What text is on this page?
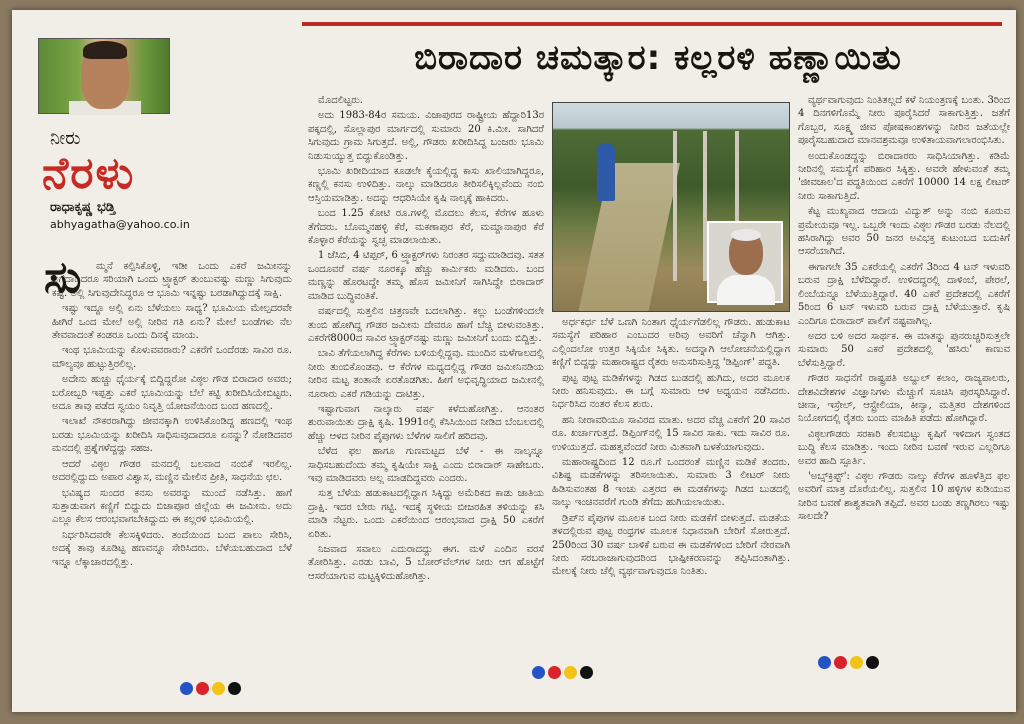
ನೀರು
ನೆರಳು
ರಾಧಾಕೃಷ್ಣ ಭಡ್ತಿ
abhyagatha@yahoo.co.in
ಸು	ಮ್ಮನೆ ಕಲ್ಪಿಸಿಕೊಳ್ಳಿ, ಇಡೀ ಒಂದು ಎಕರೆ ಜಮೀನನ್ನು ಅಗೆದಾಡಿದರೂ ಸರಿಯಾಗಿ ಒಂದು ಟ್ರ್ಯಾಕ್ಟರ್ ತುಂಬುವಷ್ಟು ಮಣ್ಣು ಸಿಗುವುದು ಕಷ್ಟ. ಅಲ್ಲಿ ಸಿಗುವುದೇನಿದ್ದರೂ ಆ ಭೂಮಿ ಇನ್ನಷ್ಟು ಬರಡಾಗಿದ್ದುದಕ್ಕೆ ಸಾಕ್ಷಿ.

ಇಷ್ಟು ಇದ್ದೂ ಅಲ್ಲಿ ಏನು ಬೆಳೆಯಲು ಸಾಧ್ಯ? ಭೂಮಿಯ ಮೇಲ್ಪದರವೇ ಹೀಗಿರೆ ಒಂದ ಮೇಲೆ ಅಲ್ಲಿ ನೀರಿನ ಗತಿ ಏನು? ಮೇಲೆ ಬಂಡೆಗಳು ನೆಲ ತೇವವಾದಂತೆ ಕಂಡರೂ ಒಂದು ದಿನಕ್ಕೆ ಮಾಯ.

ಇಂಥ ಭೂಮಿಯನ್ನು ಕೊಳುವವರಾರು? ಎಕರೆಗೆ ಒಂದೆರಡು ಸಾವಿರ ರೂ. ಮೌಲ್ಯವೂ ಹುಟ್ಟುತ್ತಿರಲಿಲ್ಲ.

ಅದೇನು ಹುಚ್ಚು ಧೈರ್ಯಕ್ಕೆ ಬಿದ್ದಿದ್ದರೋ ವಿಠ್ಠಲ ಗೌಡ ಬಿರಾದಾರ ಅವರು; ಬರೋಬ್ಬರಿ ಇಪ್ಪತ್ತು ಎಕರೆ ಭೂಮಿಯನ್ನು ಬೆಲೆ ಕಟ್ಟಿ ಖರೀದಿಸಿಯೇಬಿಟ್ಟರು. ಅದೂ ತಾವು ಪಡೆದ ಸ್ವಯಂ ನಿವೃತ್ತಿ ಯೋಜನೆಯಿಂದ ಬಂದ ಹಣದಲ್ಲಿ.

ಇಲಾಖೆ ನೌಕರರಾಗಿದ್ದು ಜೀವನಕ್ಕಾಗಿ ಉಳಿಸಿಕೊಂಡಿದ್ದ ಹಣದಲ್ಲಿ ಇಂಥ ಬರಡು ಭೂಮಿಯನ್ನು ಖರೀದಿಸಿ ಸಾಧಿಸುವುದಾದರೂ ಏನನ್ನು? ನೋಡಿದವರ ಮನದಲ್ಲಿ ಪ್ರಶ್ನೆಗಳೆದ್ದದ್ದು ಸಹಜ.

ಆದರೆ ವಿಠ್ಠಲ ಗೌಡರ ಮನದಲ್ಲಿ ಬಲವಾದ ನಂಬಿಕೆ ಇರಲಿಲ್ಲ. ಅದರಲ್ಲಿದ್ದುದು ಅಪಾರ ವಿಶ್ವಾಸ, ಮಣ್ಣಿನ ಮೇಲಿನ ಪ್ರೀತಿ, ಸಾಧನೆಯ ಛಲ.

ಭವಿಷ್ಯದ ಸುಂದರ ಕನಸು ಅವರನ್ನು ಮುಂದೆ ನಡೆಸಿತ್ತು. ಹಾಗೆ ಸುತ್ತಾಡುವಾಗ ಕಣ್ಣಿಗೆ ಬಿದ್ದುದು ಬಿಜಾಪೂರ ಜಿಲ್ಲೆಯ ಈ ಜಮೀನು. ಅದು ಎಲ್ಲೂ ಕೆಲಸ ಆರಂಭವಾಗಬೇಕಿದ್ದುದು ಈ ಕಲ್ಲರಳಿ ಭೂಮಿಯಲ್ಲಿ.

ನಿರ್ಧರಿಸಿದವರೇ ಕೆಲಸಕ್ಕಿಳಿದರು. ತಂದೆಯಿಂದ ಬಂದ ಪಾಲು ಸೇರಿಸಿ, ಅದಕ್ಕೆ ತಾವು ಕೂಡಿಟ್ಟ ಹಣವನ್ನೂ ಸೇರಿಸಿದರು. ಬೆಳೆಯಬಹುದಾದ ಬೆಳೆ ಇನ್ನೂ ಲೆಕ್ಕಾಚಾರದಲ್ಲಿತ್ತು.

ಬಿರಾದಾರ ಚಮತ್ಕಾರ: ಕಲ್ಲರಳಿ ಹಣ್ಣಾಯಿತು

ಮೊದಲಿಟ್ಟರು.

ಅದು 1983-84ರ ಸಮಯ. ವಿಜಾಪುರದ ರಾಷ್ಟ್ರೀಯ ಹೆದ್ದಾರಿ13ರ ಪಕ್ಕದಲ್ಲಿ, ಸೊಲ್ಲಾಪುರ ಮಾರ್ಗದಲ್ಲಿ ಸುಮಾರು 20 ಕಿ.ಮೀ. ಸಾಗಿದರೆ ಸಿಗುವುದು ಗ್ರಾಮ ಸಿಗುತ್ತದೆ. ಅಲ್ಲಿ, ಗೌಡರು ಖರೀದಿಸಿದ್ದ ಬಂಜರು ಭೂಮಿ ನಿಡುಸುಯ್ಯುತ್ತ ಬಿದ್ದುಕೊಂಡಿತ್ತು.

ಭೂಮಿ ಖರೀದಿಯಾದ ಕೂಡಲೇ ಕೈಯಲ್ಲಿದ್ದ ಕಾಸು ಖಾಲಿಯಾಗಿದ್ದರೂ, ಕಣ್ಣಲ್ಲಿ ಕನಸು ಉಳಿದಿತ್ತು. ನಾಲ್ಕು ಮಾಡಿದರೂ ತೀರಿಸಲಿಕ್ಕಿಲ್ಲವೆಂದು ನಂಬಿ ಆಸ್ತಿಯಮಾಡಿತ್ತು. ಅದನ್ನು ಆಧರಿಸಿಯೇ ಕೃಷಿ ನಾಲ್ಕಕ್ಕೆ ಹಾಕಿದರು.

ಬಂದ 1.25 ಕೋಟಿ ರೂ.ಗಳಲ್ಲಿ ಮೊದಲು ಕೆಲಸ, ಕೆರೆಗಳ ಹೂಳು ತೆಗೆದರು. ಬೊಮ್ಮನಹಳ್ಳಿ ಕೆರೆ, ಮಕಣಾಪುರ ಕೆರೆ, ಮಮ್ದಾನಾಪುರ ಕೆರೆ ಕೊಳ್ಳಾರ ಕೆರೆಯನ್ನು ಸ್ವಚ್ಛ ಮಾಡಲಾಯಿತು.

1 ಜೆಸಿಬಿ, 4 ಟಿಪ್ಪರ್, 6 ಟ್ರ್ಯಾಕ್ಟರ್‌ಗಳು ನಿರಂತರ ಸದ್ದುಮಾಡಿದವು. ಸತತ ಒಂದೂವರೆ ವರ್ಷ ನೂರಕ್ಕೂ ಹೆಚ್ಚು ಕಾರ್ಮಿಕರು ಮಡಿದರು. ಬಂದ ಮಣ್ಣನ್ನು ಹೊರಟದ್ದೇ ತಮ್ಮ ಹೊಸ ಜಮೀನಿಗೆ ಸಾಗಿಸಿದ್ದೇ ಬಿರಾದಾರ್ ಮಾಡಿದ ಬುದ್ಧಿವಂತಿಕೆ.

ವರ್ಷದಲ್ಲಿ ಸುತ್ತಲಿನ ಚಿತ್ರಣವೇ ಬದಲಾಗಿತ್ತು. ಕಲ್ಲು ಬಂಡೆಗಳಿಂದಲೇ ತುಂಬಿ ಹೋಗಿದ್ದ ಗೌಡರ ಜಮೀನು ದೇವರೂ ಹಾಗೆ ಬೆಚ್ಚಿ ಬೀಳುವಂತಿತ್ತು. ಎಕರೆಗೆ8000ದ ಸಾವಿರ ಟ್ರ್ಯಾಕ್ಟರ್‌ನಷ್ಟು ಮಣ್ಣು ಜಮೀನಿಗೆ ಬಂದು ಬಿದ್ದಿತ್ತು.

ಬಾವಿ ತೆಗೆಯಲಾಗಿದ್ದ ಕೆರೆಗಳು ಬಳಿಯಲ್ಲಿದ್ದವು. ಮುಂದಿನ ಮಳೆಗಾಲದಲ್ಲಿ ನೀರು ತುಂಬಿಕೊಂಡವು. ಆ ಕೆರೆಗಳ ಮಧ್ಯದಲ್ಲಿದ್ದ ಗೌಡರ ಜಮೀನಿನಡಿಯ ನೀರಿನ ಮಟ್ಟ ತಂತಾನೇ ಏರತೊಡಗಿತು. ಹೀಗೆ ಅಭಿವೃದ್ಧಿಯಾದ ಜಮೀನಲ್ಲಿ ನೂರಾರು ಎಕರೆ ಗಡಿಯನ್ನು ದಾಟಿತ್ತು.

ಇಷ್ಟಾಗುವಾಗ ನಾಲ್ಕಾರು ವರ್ಷ ಕಳೆದುಹೋಗಿತ್ತು. ಆನಂತರ ಶುರುವಾಯಿತು ದ್ರಾಕ್ಷಿ ಕೃಷಿ. 1991ರಲ್ಲಿ ಕೆಸಿಸಿಯಿಂದ ನೀಡಿದ ಬೆಂಬಲದಲ್ಲಿ ಹೆಚ್ಚು ಆಳದ ನೀರಿನ ಪೈಪುಗಳು ಬೆಳೆಗಳ ಸಾಲಿಗೆ ಹರಿದವು.

ಬೆಳೆದ ಫಲ ಹಾಗೂ ಗುಣಮಟ್ಟದ ಬೆಳೆ - ಈ ನಾಲ್ಕನ್ನೂ ಸಾಧಿಸಬಹುದೆಂದು ತಮ್ಮ ಕೃಷಿಯೇ ಸಾಕ್ಷಿ ಎಂದು ಬಿರಾದಾರ್ ಸಾಹೇಬರು. ಇವು ಮಾಡಿದವರು ಅಲ್ಲ ಮಾಡದಿದ್ದವರು ಎಂದರು.

ಸುತ್ತ ಬೆಳೆಯ ಹಡುಕಾಟದಲ್ಲಿದ್ದಾಗ ಸಿಕ್ಕಿದ್ದು ಅಮೆರಿಕದ ಕಾಡು ಜಾತಿಯ ದ್ರಾಕ್ಷಿ. ಇದರ ಬೇರು ಗಟ್ಟಿ. ಇದಕ್ಕೆ ಸ್ಥಳೀಯ ಬೀಜರಹಿತ ತಳಿಯನ್ನು ಕಸಿ ಮಾಡಿ ನೆಟ್ಟರು. ಒಂದು ಎಕರೆಯಿಂದ ಆರಂಭವಾದ ದ್ರಾಕ್ಷಿ 50 ಎಕರೆಗೆ ಏರಿತು.

ನಿಜವಾದ ಸವಾಲು ಎದುರಾದದ್ದು ಈಗ. ಮಳೆ ಎಂದಿನ ವರಸೆ ತೋರಿಸಿತ್ತು. ಎರಡು ಬಾವಿ, 5 ಬೋರ್‌ವೆಲ್‌ಗಳ ನೀರು ಆಗ ಹೊಟ್ಟೆಗೆ ಆಸರೆಯಾಗುವ ಮಟ್ಟಕ್ಕಿಳಿದುಹೋಗಿತ್ತು.

ಅರ್ಧಕರ್ಧ ಬೆಳೆ ಒಣಗಿ ನಿಂತಾಗ ಧೈರ್ಯಗೆಡಲಿಲ್ಲ ಗೌಡರು. ಹುಡುಕಾಟ ಸಮಸ್ಯೆಗೆ ಪರಿಹಾರ ಎಂಬುದರ ಅರಿವು ಅವರಿಗೆ ಚೆನ್ನಾಗಿ ಆಗಿತ್ತು. ಎಲ್ಲಿಂದಲೋ ಉತ್ತರ ಸಿಕ್ಕಿಯೇ ಸಿಕ್ಕಿತು. ಅದನ್ನಾಗಿ ಆಲೋಚನೆಯಲ್ಲಿದ್ದಾಗ ಕಣ್ಣಿಗೆ ಬಿದ್ದದ್ದು ಮಹಾರಾಷ್ಟ್ರದ ರೈತರು ಅನುಸರಿಸುತ್ತಿದ್ದ 'ಡಿಪ್ಪಿಂಗ್' ಪದ್ಧತಿ.

ಪುಟ್ಟ ಪುಟ್ಟ ಮಡಿಕೆಗಳನ್ನು ಗಿಡದ ಬುಡದಲ್ಲಿ ಹುಗಿದು, ಅದರ ಮೂಲಕ ನೀರು ಹನಿಸುವುದು. ಈ ಬಗ್ಗೆ ಸುಮಾರು ಆಳ ಅಧ್ಯಯನ ನಡೆಸಿದರು. ನಿರ್ಧರಿಸಿದ ನಂತರ ಕೆಲಸ ಶುರು.

ಹನಿ ನೀರಾವರಿಯೂ ಸಾವಿರದ ಮಾತು. ಅದರ ವೆಚ್ಚ ಎಕರೆಗೆ 20 ಸಾವಿರ ರೂ. ಖರ್ಚಾಗುತ್ತದೆ. ಡಿಪ್ಪಿಂಗ್‌ನಲ್ಲಿ 15 ಸಾವಿರ ಸಾಕು. ಇದು ಸಾವಿರ ರೂ. ಉಳಿಯುತ್ತದೆ. ಮಹತ್ವವೆಂದರೆ ನೀರು ಮಿತವಾಗಿ ಬಳಕೆಯಾಗುವುದು.

ಮಹಾರಾಷ್ಟ್ರದಿಂದ 12 ರೂ.ಗೆ ಒಂದರಂತೆ ಮಣ್ಣಿನ ಮಡಿಕೆ ತಂದರು. ವಿಶಿಷ್ಟ ಮಡಕೆಗಳನ್ನು ತರಿಸಲಾಯಿತು. ಸುಮಾರು 3 ಲೀಟರ್ ನೀರು ಹಿಡಿಸುವಂತಹ 8 ಇಂಚು ಎತ್ತರದ ಈ ಮಡಕೆಗಳನ್ನು ಗಿಡದ ಬುಡದಲ್ಲಿ ನಾಲ್ಕು ಇಂಚಿನವರೆಗೆ ಗುಂಡಿ ತೆಗೆದು ಹುಗಿಯಲಾಯಿತು.

ಡ್ರಿಪ್‌ನ ಪೈಪುಗಳ ಮೂಲಕ ಬಂದ ನೀರು ಮಡಕೆಗೆ ಬೀಳುತ್ತದೆ. ಮಡಕೆಯ ತಳದಲ್ಲಿರುವ ಪುಟ್ಟ ರಂಧ್ರಗಳ ಮೂಲಕ ನಿಧಾನವಾಗಿ ಬೇರಿಗೆ ಸೋರುತ್ತದೆ. 250ರಿಂದ 30 ವರ್ಷ ಬಾಳಿಕೆ ಬರುವ ಈ ಮಡಕೆಗಳಿಂದ ಬೇರಿಗೆ ನೇರವಾಗಿ ನೀರು ಸರಬರಾಜಾಗುವುದರಿಂದ ಭಾಷ್ಪೀಕರಣವನ್ನು ತಪ್ಪಿಸಿದಂತಾಗಿತ್ತು. ಮೇಲಕ್ಕೆ ನೀರು ಚೆಲ್ಲಿ ವ್ಯರ್ಥವಾಗುವುದೂ ನಿಂತಿತು.

ವ್ಯರ್ಥವಾಗುವುದು ನಿಂತಿತಲ್ಲದೆ ಕಳೆ ನಿಯಂತ್ರಣಕ್ಕೆ ಬಂತು. 3ರಿಂದ 4 ದಿನಗಳಿಗೊಮ್ಮೆ ನೀರು ಪೂರೈಸಿದರೆ ಸಾಕಾಗುತ್ತಿತ್ತು. ಜತೆಗೆ ಗೊಬ್ಬರ, ಸೂಕ್ಷ್ಮ ಜೀವ ಪೋಷಕಾಂಶಗಳನ್ನು ನೀರಿನ ಜತೆಯಲ್ಲೇ ಪೂರೈಸಬಹುದಾದ ಮಾನವಶ್ರಮವೂ ಉಳಿತಾಯವಾಗಲಾರಂಭಿಸಿತು.

ಅಂದುಕೊಂಡದ್ದನ್ನು ಬಿರಾದಾರರು ಸಾಧಿಸಿಯಾಗಿತ್ತು. ಕಡಿಮೆ ನೀರಿನಲ್ಲಿ ಸಮಸ್ಯೆಗೆ ಪರಿಹಾರ ಸಿಕ್ಕಿತ್ತು. ಅವರೇ ಹೇಳುವಂತೆ ತಮ್ಮ 'ಜೀವಜಾಲ'ದ ಪದ್ಧತಿಯಿಂದ ಎಕರೆಗೆ 10000 14 ಲಕ್ಷ ಲೀಟರ್ ನೀರು ಸಾಕಾಗುತ್ತಿದೆ.

ಕೆಟ್ಟ ಮುಖ್ಯವಾದ ಆದಾಯ ವಿದ್ಯುತ್ ಅನ್ನು ನಂಬಿ ಕೂರುವ ಪ್ರಮೇಯವೂ ಇಲ್ಲ. ಒಬ್ಬರೇ ಇಂದು ವಿಠ್ಠಲ ಗೌಡರ ಬರಡು ನೆಲದಲ್ಲಿ ಹಸಿರಾಗಿದ್ದು ಅವರ 50 ಜನರ ಅವಿಭಕ್ತ ಕುಟುಂಬದ ಬದುಕಿಗೆ ಆಸರೆಯಾಗಿದೆ.

ಈಗಾಗಲೇ 35 ಎಕರೆಯಲ್ಲಿ ಎಕರೆಗೆ 3ರಿಂದ 4 ಟನ್ ಇಳುವರಿ ಬರುವ ದ್ರಾಕ್ಷಿ ಬೆಳೆದಿದ್ದಾರೆ. ಉಳಿದದ್ದರಲ್ಲಿ ದಾಳಿಂಬೆ, ಪೇರಲೆ, ಲಿಂಬೆಯನ್ನೂ ಬೆಳೆಯುತ್ತಿದ್ದಾರೆ. 40 ಎಕರೆ ಪ್ರದೇಶದಲ್ಲಿ ಎಕರೆಗೆ 5ರಿಂದ 6 ಟನ್ ಇಳುವರಿ ಬರುವ ದ್ರಾಕ್ಷಿ ಬೆಳೆಯುತ್ತಾರೆ. ಕೃಷಿ ಎಂದಿಗೂ ಬಿರಾದಾರ್ ಪಾಲಿಗೆ ನಷ್ಟವಾಗಿಲ್ಲ.

ಅದರ ಬಳಿ ಅದರ ಸಾರ್ಥಕ. ಈ ಮಾತನ್ನು ಪುನರುಚ್ಚರಿಸುತ್ತಲೇ ಸುಮಾರು 50 ಎಕರೆ ಪ್ರದೇಶದಲ್ಲಿ 'ಹಸಿರು' ಕಾಣುವ ಬೆಳೆಸುತ್ತಿದ್ದಾರೆ.

ಗೌಡರ ಸಾಧನೆಗೆ ರಾಷ್ಟ್ರಪತಿ ಅಬ್ದುಲ್ ಕಲಾಂ, ರಾಜ್ಯಪಾಲರು, ದೇಶವಿದೇಶಗಳ ವಿಜ್ಞಾನಿಗಳು ಮೆಚ್ಚುಗೆ ಸೂಚಿಸಿ ಪುರಸ್ಕರಿಸಿದ್ದಾರೆ. ಚೀನಾ, ಇಸ್ರೇಲ್, ಆಸ್ಟ್ರೇಲಿಯಾ, ಕೀನ್ಯಾ, ಮತ್ತಿತರ ದೇಶಗಳಿಂದ ನಿಯೋಗದಲ್ಲಿ ರೈತರು ಬಂದು ಮಾಹಿತಿ ಪಡೆದು ಹೋಗಿದ್ದಾರೆ.

ವಿಠ್ಠಲಗೌಡರು ಸರಕಾರಿ ಕೆಲಸಬಿಟ್ಟು ಕೃಷಿಗೆ ಇಳಿದಾಗ ಸ್ವಂತದ ಬುದ್ಧಿ ಕೆಲಸ ಮಾಡಿತ್ತು. ಇಂದು ನೀರಿನ ಬವಣೆ ಇರುವ ಎಲ್ಲರಿಗೂ ಅವರ ಹಾದಿ ಸ್ಪೂರ್ತಿ.

'ಅಬ್ಸ್‌ಕ್ರಿಪ್ಟ್': ವಿಠ್ಠಲ ಗೌಡರು ನಾಲ್ಕು ಕೆರೆಗಳ ಹೂಳೆತ್ತಿದ ಫಲ ಅವರಿಗೆ ಮಾತ್ರ ದೊರೆಯಲಿಲ್ಲ. ಸುತ್ತಲಿನ 10 ಹಳ್ಳಿಗಳ ಕುಡಿಯುವ ನೀರಿನ ಬವಣೆ ಶಾಶ್ವತವಾಗಿ ತಪ್ಪಿದೆ. ಅವರ ಬಂಡು ತಣ್ಣಗಿರಲು ಇಷ್ಟು ಸಾಲದೇ?
